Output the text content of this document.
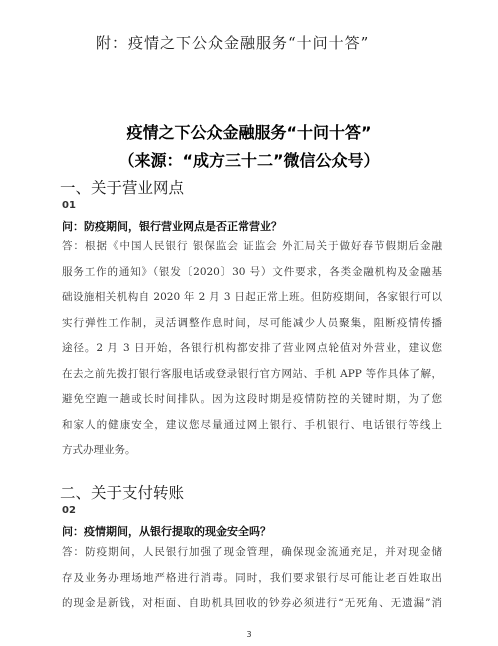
附：疫情之下公众金融服务“十问十答”
疫情之下公众金融服务“十问十答”
（来源：“成方三十二”微信公众号）
一、关于营业网点
01
问：防疫期间，银行营业网点是否正常营业？
答：根据《中国人民银行 银保监会 证监会 外汇局关于做好春节假期后金融
服务工作的通知》（银发〔2020〕30 号）文件要求，各类金融机构及金融基
础设施相关机构自 2020 年 2 月 3 日起正常上班。但防疫期间，各家银行可以
实行弹性工作制，灵活调整作息时间，尽可能减少人员聚集，阻断疫情传播
途径。2 月 3 日开始，各银行机构都安排了营业网点轮值对外营业，建议您
在去之前先拨打银行客服电话或登录银行官方网站、手机 APP 等作具体了解，
避免空跑一趟或长时间排队。因为这段时期是疫情防控的关键时期，为了您
和家人的健康安全，建议您尽量通过网上银行、手机银行、电话银行等线上
方式办理业务。
二、关于支付转账
02
问：疫情期间，从银行提取的现金安全吗？
答：防疫期间，人民银行加强了现金管理，确保现金流通充足，并对现金储
存及业务办理场地严格进行消毒。同时，我们要求银行尽可能让老百姓取出
的现金是新钱，对柜面、自助机具回收的钞券必须进行“无死角、无遗漏”消
3
